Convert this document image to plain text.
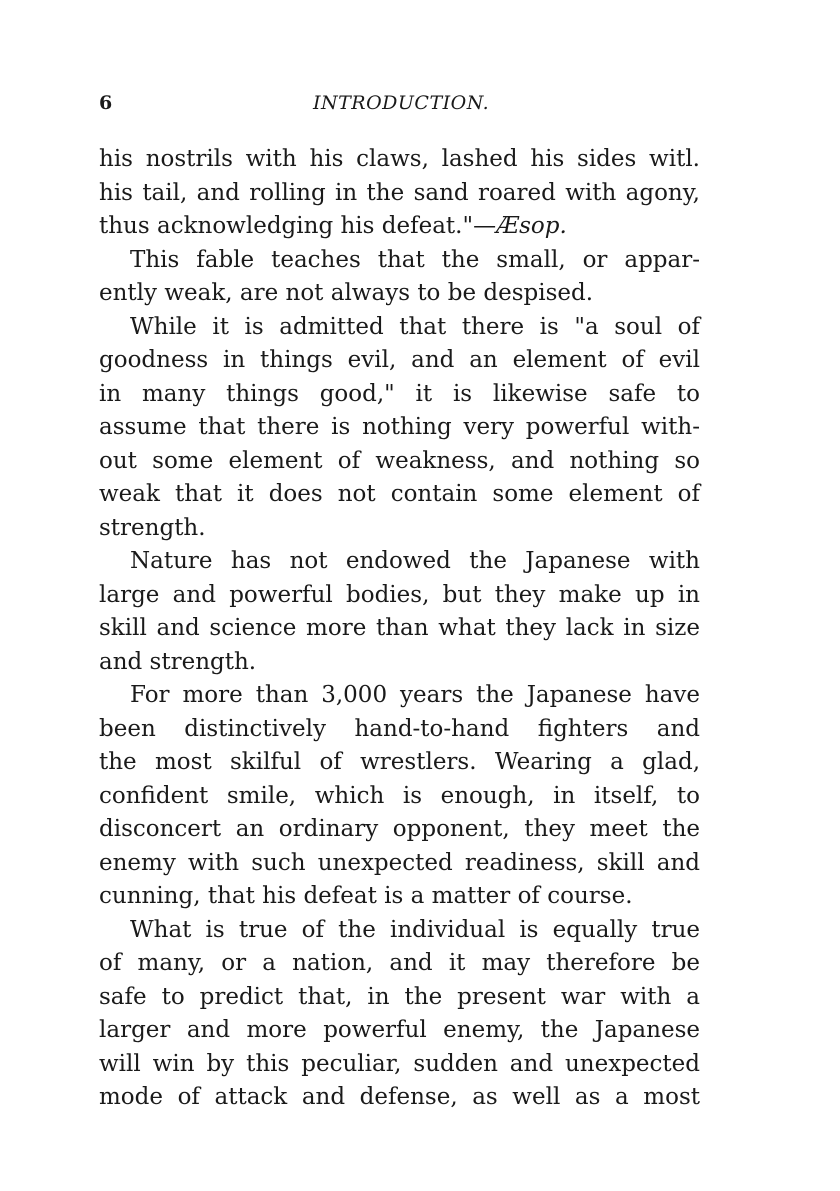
6	INTRODUCTION.

his nostrils with his claws, lashed his sides witl.
his tail, and rolling in the sand roared with agony,
thus acknowledging his defeat."—Æsop.

This fable teaches that the small, or appar-
ently weak, are not always to be despised.

While it is admitted that there is "a soul of
goodness in things evil, and an element of evil
in many things good," it is likewise safe to
assume that there is nothing very powerful with-
out some element of weakness, and nothing so
weak that it does not contain some element of
strength.

Nature has not endowed the Japanese with
large and powerful bodies, but they make up in
skill and science more than what they lack in size
and strength.

For more than 3,000 years the Japanese have
been distinctively hand-to-hand fighters and
the most skilful of wrestlers. Wearing a glad,
confident smile, which is enough, in itself, to
disconcert an ordinary opponent, they meet the
enemy with such unexpected readiness, skill and
cunning, that his defeat is a matter of course.

What is true of the individual is equally true
of many, or a nation, and it may therefore be
safe to predict that, in the present war with a
larger and more powerful enemy, the Japanese
will win by this peculiar, sudden and unexpected
mode of attack and defense, as well as a most
